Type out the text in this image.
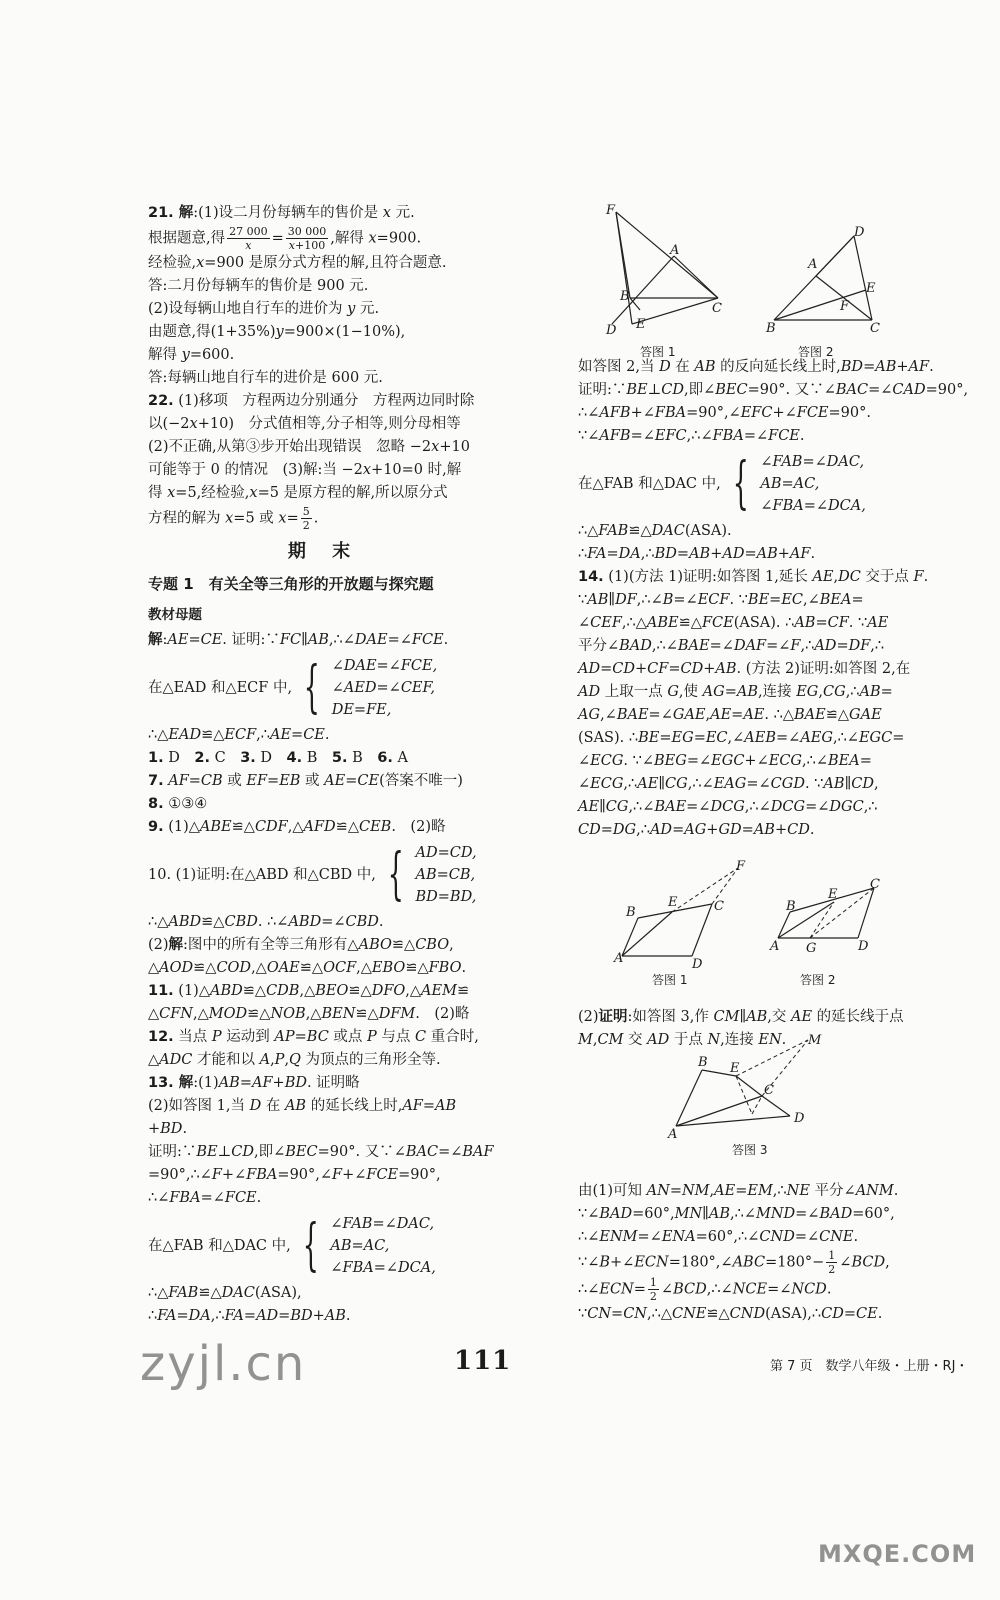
21. 解:(1)设二月份每辆车的售价是 x 元.
根据题意,得 $\frac{27 000}{x} = \frac{30 000}{x+100}$ ,解得 x=900.
经检验,x=900 是原分式方程的解,且符合题意.
答:二月份每辆车的售价是 900 元.
(2)设每辆山地自行车的进价为 y 元.
由题意,得(1+35%)y=900×(1−10%),
解得 y=600.
答:每辆山地自行车的进价是 600 元.
22. (1)移项　方程两边分别通分　方程两边同时除
以(−2x+10)　分式值相等,分子相等,则分母相等
(2)不正确,从第③步开始出现错误　忽略 −2x+10
可能等于 0 的情况　(3)解:当 −2x+10=0 时,解
得 x=5,经检验,x=5 是原方程的解,所以原分式
方程的解为 x=5 或 $x= \frac{5}{2}$ .
期 末
专题 1　有关全等三角形的开放题与探究题
教材母题
解:AE=CE. 证明:∵FC∥AB,∴∠DAE=∠FCE.
在△EAD 和△ECF 中, { ∠DAE=∠FCE,
∠AED=∠CEF,
DE=FE,
∴△EAD≌△ECF,∴AE=CE.
1. D　2. C　3. D　4. B　5. B　6. A
7. AF=CB 或 EF=EB 或 AE=CE(答案不唯一)
8. ①③④
9. (1)△ABE≌△CDF,△AFD≌△CEB.　(2)略
10. (1)证明:在△ABD 和△CBD 中, { AD=CD,
AB=CB,
BD=BD,
∴△ABD≌△CBD. ∴∠ABD=∠CBD.
(2)解:图中的所有全等三角形有△ABO≌△CBO,
△AOD≌△COD,△OAE≌△OCF,△EBO≌△FBO.
11. (1)△ABD≌△CDB,△BEO≌△DFO,△AEM≌
△CFN,△MOD≌△NOB,△BEN≌△DFM.　(2)略
12. 当点 P 运动到 AP=BC 或点 P 与点 C 重合时,
△ADC 才能和以 A,P,Q 为顶点的三角形全等.
13. 解:(1)AB=AF+BD. 证明略
(2)如答图 1,当 D 在 AB 的延长线上时,AF=AB
+BD.
证明:∵BE⊥CD,即∠BEC=90°. 又∵∠BAC=∠BAF
=90°,∴∠F+∠FBA=90°,∠F+∠FCE=90°,
∴∠FBA=∠FCE.
在△FAB 和△DAC 中, { ∠FAB=∠DAC,
AB=AC,
∠FBA=∠DCA,
∴△FAB≌△DAC(ASA),
∴FA=DA,∴FA=AD=BD+AB.
F
A
B
C
D E
答图 1
D
A
E
F
B	C
答图 2
如答图 2,当 D 在 AB 的反向延长线上时,BD=AB+AF.
证明:∵BE⊥CD,即∠BEC=90°. 又∵∠BAC=∠CAD=90°,
∴∠AFB+∠FBA=90°,∠EFC+∠FCE=90°.
∵∠AFB=∠EFC,∴∠FBA=∠FCE.
在△FAB 和△DAC 中, { ∠FAB=∠DAC,
AB=AC,
∠FBA=∠DCA,
∴△FAB≌△DAC(ASA).
∴FA=DA,∴BD=AB+AD=AB+AF.
14. (1)(方法 1)证明:如答图 1,延长 AE,DC 交于点 F.
∵AB∥DF,∴∠B=∠ECF. ∵BE=EC,∠BEA=
∠CEF,∴△ABE≌△FCE(ASA). ∴AB=CF. ∵AE
平分∠BAD,∴∠BAE=∠DAF=∠F,∴AD=DF,∴
AD=CD+CF=CD+AB. (方法 2)证明:如答图 2,在
AD 上取一点 G,使 AG=AB,连接 EG,CG,∴AB=
AG,∠BAE=∠GAE,AE=AE. ∴△BAE≌△GAE
(SAS). ∴BE=EG=EC,∠AEB=∠AEG,∴∠EGC=
∠ECG. ∵∠BEG=∠EGC+∠ECG,∴∠BEA=
∠ECG,∴AE∥CG,∴∠EAG=∠CGD. ∵AB∥CD,
AE∥CG,∴∠BAE=∠DCG,∴∠DCG=∠DGC,∴
CD=DG,∴AD=AG+GD=AB+CD.
(2)证明:如答图 3,作 CM∥AB,交 AE 的延长线于点
M,CM 交 AD 于点 N,连接 EN.
由(1)可知 AN=NM,AE=EM,∴NE 平分∠ANM.
∵∠BAD=60°,MN∥AB,∴∠MND=∠BAD=60°,
∴∠ENM=∠ENA=60°,∴∠CND=∠CNE.
∵∠B+∠ECN=180°,∠ABC=180°− $\frac{1}{2}$ ∠BCD,
∴∠ECN= $\frac{1}{2}$ ∠BCD,∴∠NCE=∠NCD.
∵CN=CN,∴△CNE≌△CND(ASA),∴CD=CE.
F
E	C
B
A	D
答图 1
C
B
E
A G	D
答图 2
M
B E
C
A
D
答图 3
111	第 7 页　数学八年级・上册・RJ・
zyjl.cn
MXQE.COM
